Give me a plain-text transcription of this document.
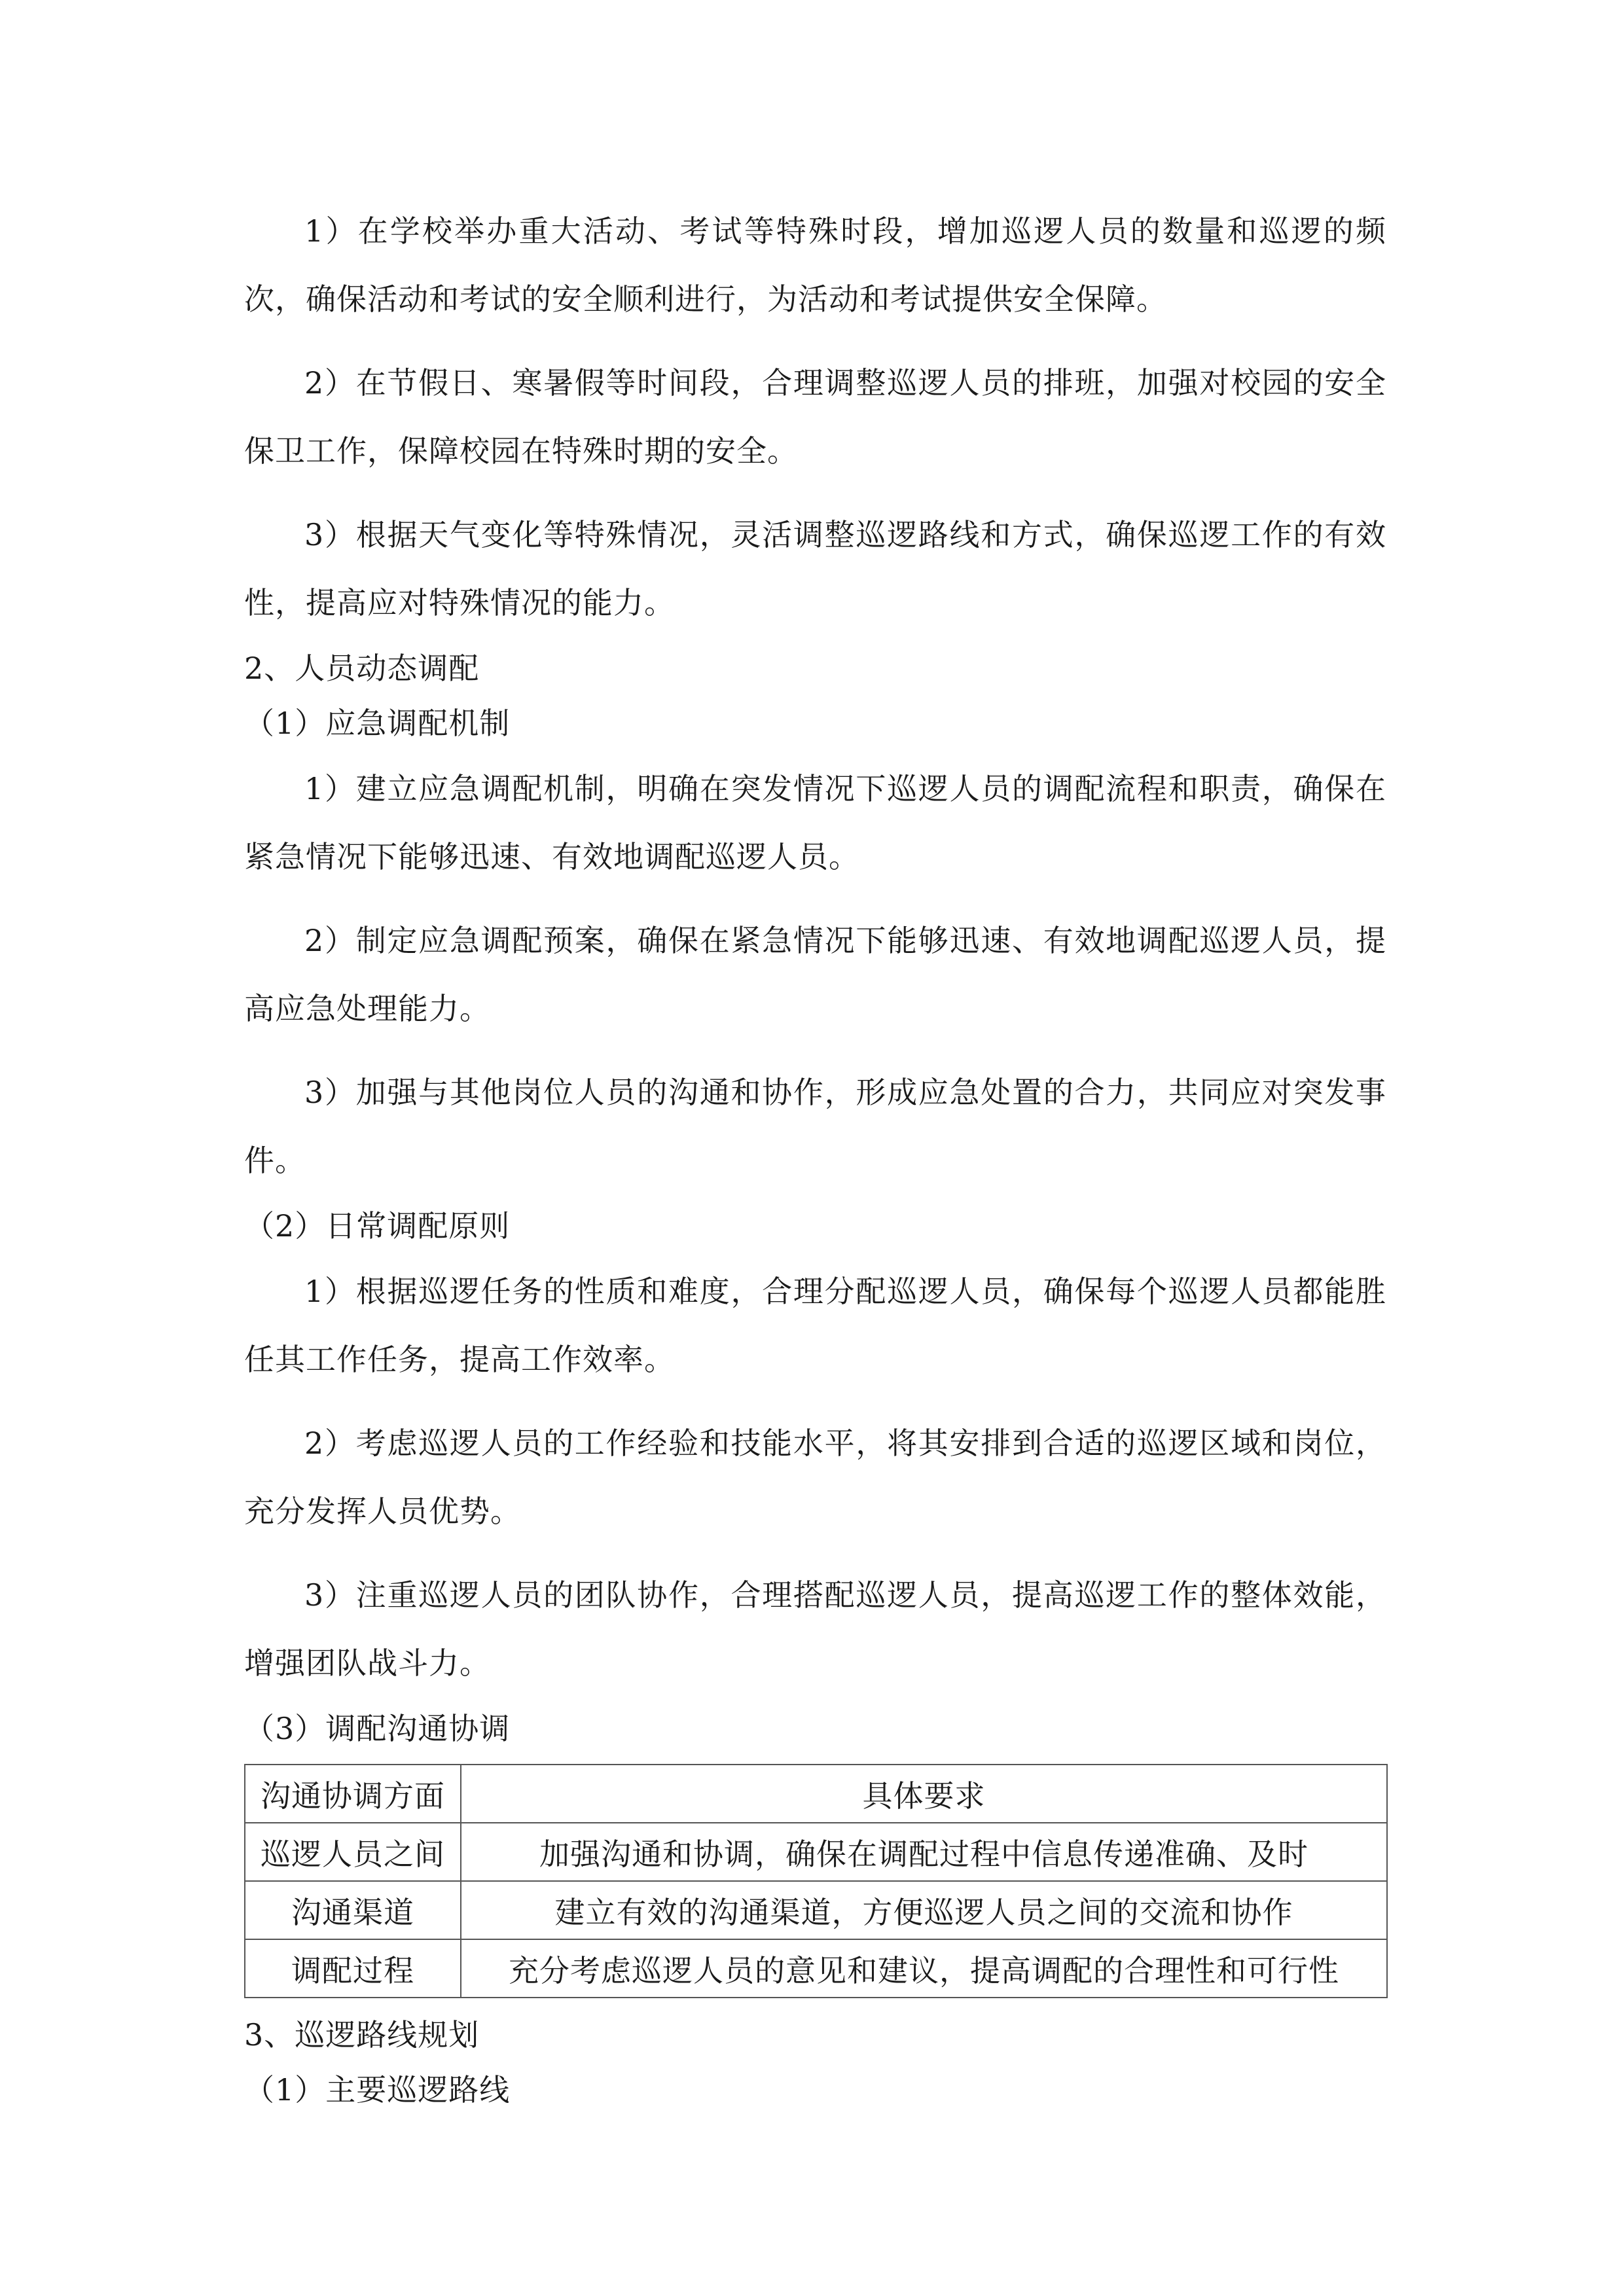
1）在学校举办重大活动、考试等特殊时段，增加巡逻人员的数量和巡逻的频次，确保活动和考试的安全顺利进行，为活动和考试提供安全保障。

2）在节假日、寒暑假等时间段，合理调整巡逻人员的排班，加强对校园的安全保卫工作，保障校园在特殊时期的安全。

3）根据天气变化等特殊情况，灵活调整巡逻路线和方式，确保巡逻工作的有效性，提高应对特殊情况的能力。

2、人员动态调配

（1）应急调配机制

1）建立应急调配机制，明确在突发情况下巡逻人员的调配流程和职责，确保在紧急情况下能够迅速、有效地调配巡逻人员。

2）制定应急调配预案，确保在紧急情况下能够迅速、有效地调配巡逻人员，提高应急处理能力。

3）加强与其他岗位人员的沟通和协作，形成应急处置的合力，共同应对突发事件。

（2）日常调配原则

1）根据巡逻任务的性质和难度，合理分配巡逻人员，确保每个巡逻人员都能胜任其工作任务，提高工作效率。

2）考虑巡逻人员的工作经验和技能水平，将其安排到合适的巡逻区域和岗位，充分发挥人员优势。

3）注重巡逻人员的团队协作，合理搭配巡逻人员，提高巡逻工作的整体效能，增强团队战斗力。

（3）调配沟通协调

沟通协调方面	具体要求
巡逻人员之间	加强沟通和协调，确保在调配过程中信息传递准确、及时
沟通渠道	建立有效的沟通渠道，方便巡逻人员之间的交流和协作
调配过程	充分考虑巡逻人员的意见和建议，提高调配的合理性和可行性

3、巡逻路线规划

（1）主要巡逻路线
